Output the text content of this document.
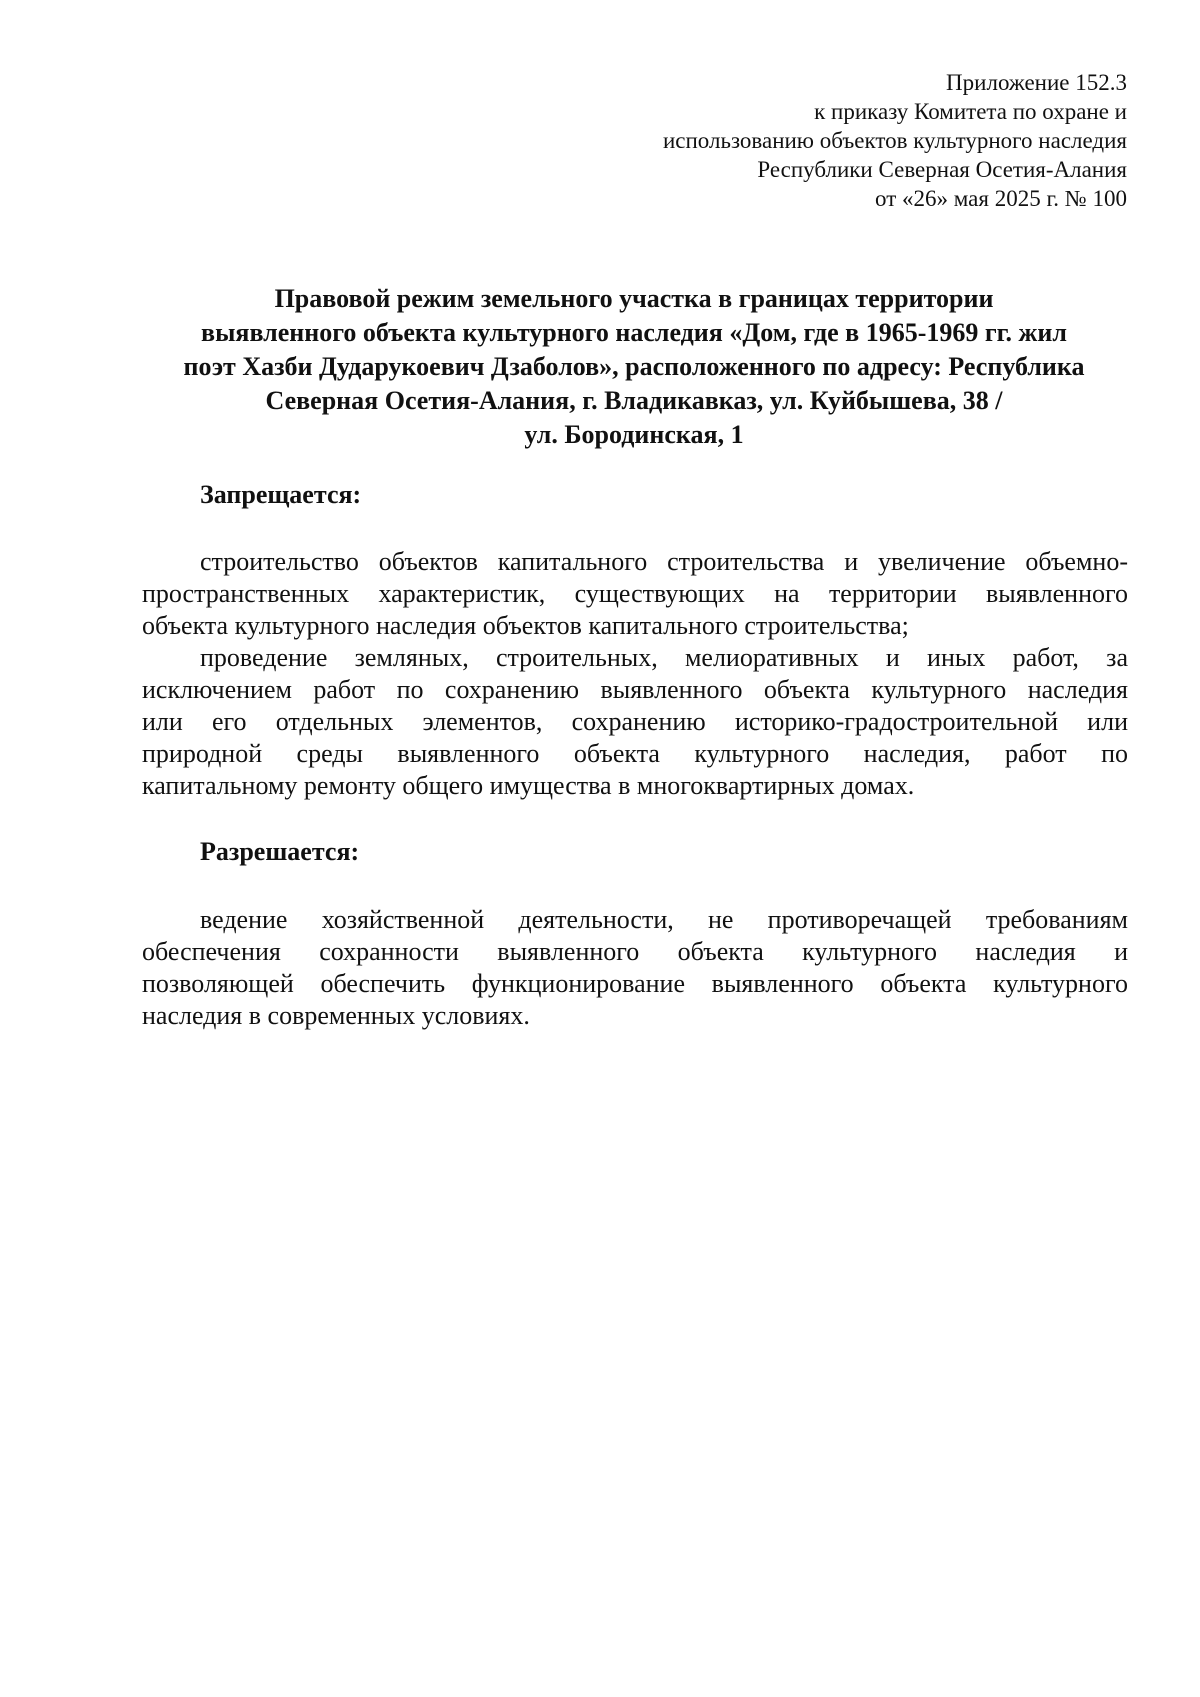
Приложение 152.3
к приказу Комитета по охране и
использованию объектов культурного наследия
Республики Северная Осетия-Алания
от «26» мая 2025 г. № 100
Правовой режим земельного участка в границах территории
выявленного объекта культурного наследия «Дом, где в 1965-1969 гг. жил
поэт Хазби Дударукоевич Дзаболов», расположенного по адресу: Республика
Северная Осетия-Алания, г. Владикавказ, ул. Куйбышева, 38 /
ул. Бородинская, 1
Запрещается:
строительство объектов капитального строительства и увеличение объемно-
пространственных характеристик, существующих на территории выявленного
объекта культурного наследия объектов капитального строительства;
проведение земляных, строительных, мелиоративных и иных работ, за
исключением работ по сохранению выявленного объекта культурного наследия
или его отдельных элементов, сохранению историко-градостроительной или
природной среды выявленного объекта культурного наследия, работ по
капитальному ремонту общего имущества в многоквартирных домах.
Разрешается:
ведение хозяйственной деятельности, не противоречащей требованиям
обеспечения сохранности выявленного объекта культурного наследия и
позволяющей обеспечить функционирование выявленного объекта культурного
наследия в современных условиях.
